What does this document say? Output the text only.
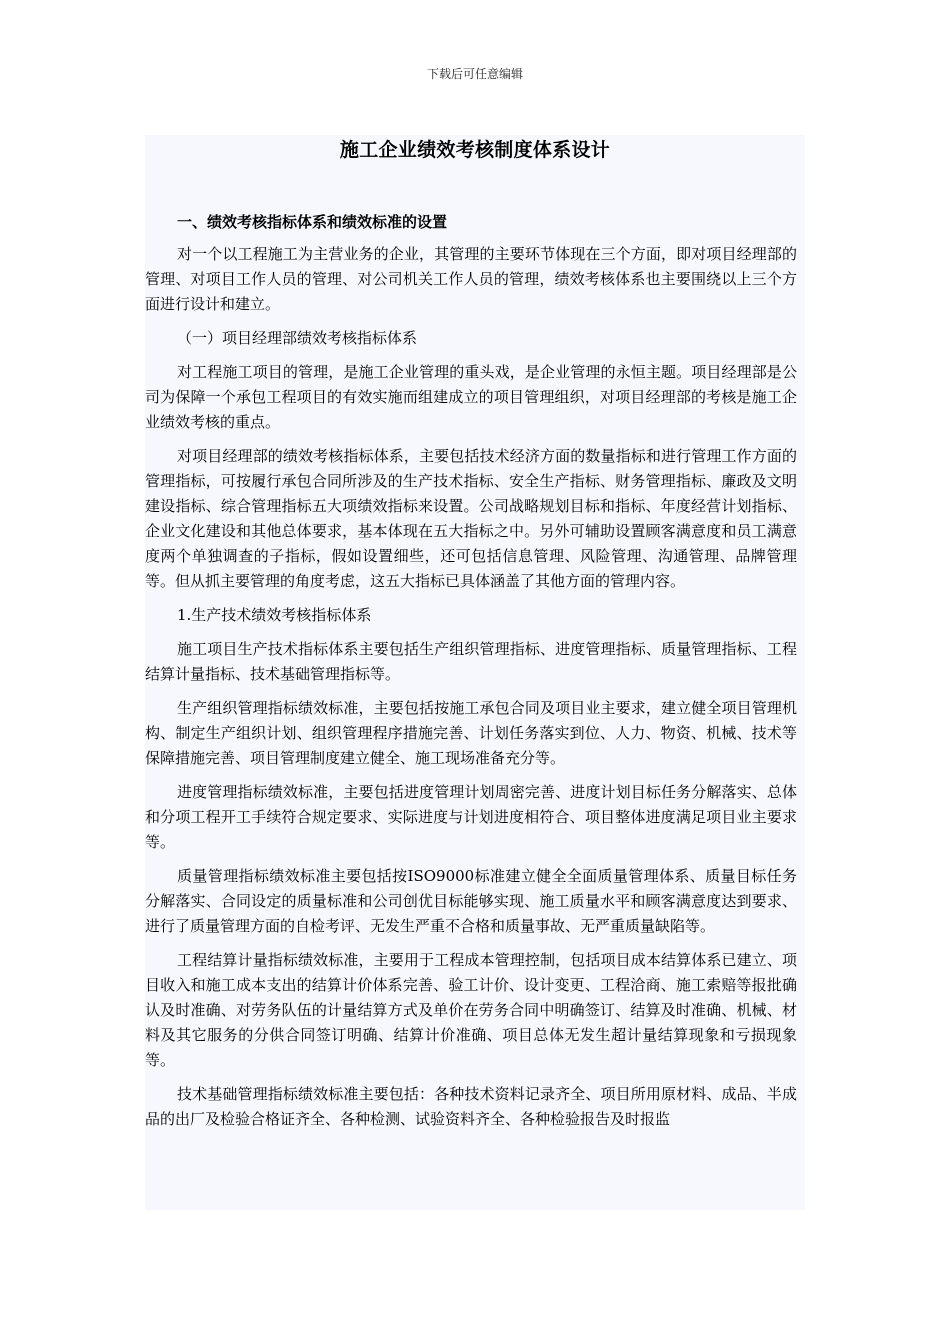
下载后可任意编辑
施工企业绩效考核制度体系设计
一、绩效考核指标体系和绩效标准的设置

对一个以工程施工为主营业务的企业，其管理的主要环节体现在三个方面，即对项目经理部的管理、对项目工作人员的管理、对公司机关工作人员的管理，绩效考核体系也主要围绕以上三个方面进行设计和建立。

（一）项目经理部绩效考核指标体系

对工程施工项目的管理，是施工企业管理的重头戏，是企业管理的永恒主题。项目经理部是公司为保障一个承包工程项目的有效实施而组建成立的项目管理组织，对项目经理部的考核是施工企业绩效考核的重点。

对项目经理部的绩效考核指标体系，主要包括技术经济方面的数量指标和进行管理工作方面的管理指标，可按履行承包合同所涉及的生产技术指标、安全生产指标、财务管理指标、廉政及文明建设指标、综合管理指标五大项绩效指标来设置。公司战略规划目标和指标、年度经营计划指标、企业文化建设和其他总体要求，基本体现在五大指标之中。另外可辅助设置顾客满意度和员工满意度两个单独调查的子指标，假如设置细些，还可包括信息管理、风险管理、沟通管理、品牌管理等。但从抓主要管理的角度考虑，这五大指标已具体涵盖了其他方面的管理内容。

1.生产技术绩效考核指标体系

施工项目生产技术指标体系主要包括生产组织管理指标、进度管理指标、质量管理指标、工程结算计量指标、技术基础管理指标等。

生产组织管理指标绩效标准，主要包括按施工承包合同及项目业主要求，建立健全项目管理机构、制定生产组织计划、组织管理程序措施完善、计划任务落实到位、人力、物资、机械、技术等保障措施完善、项目管理制度建立健全、施工现场准备充分等。

进度管理指标绩效标准，主要包括进度管理计划周密完善、进度计划目标任务分解落实、总体和分项工程开工手续符合规定要求、实际进度与计划进度相符合、项目整体进度满足项目业主要求等。

质量管理指标绩效标准主要包括按ISO9000标准建立健全全面质量管理体系、质量目标任务分解落实、合同设定的质量标准和公司创优目标能够实现、施工质量水平和顾客满意度达到要求、进行了质量管理方面的自检考评、无发生严重不合格和质量事故、无严重质量缺陷等。

工程结算计量指标绩效标准，主要用于工程成本管理控制，包括项目成本结算体系已建立、项目收入和施工成本支出的结算计价体系完善、验工计价、设计变更、工程洽商、施工索赔等报批确认及时准确、对劳务队伍的计量结算方式及单价在劳务合同中明确签订、结算及时准确、机械、材料及其它服务的分供合同签订明确、结算计价准确、项目总体无发生超计量结算现象和亏损现象等。

技术基础管理指标绩效标准主要包括：各种技术资料记录齐全、项目所用原材料、成品、半成品的出厂及检验合格证齐全、各种检测、试验资料齐全、各种检验报告及时报监
